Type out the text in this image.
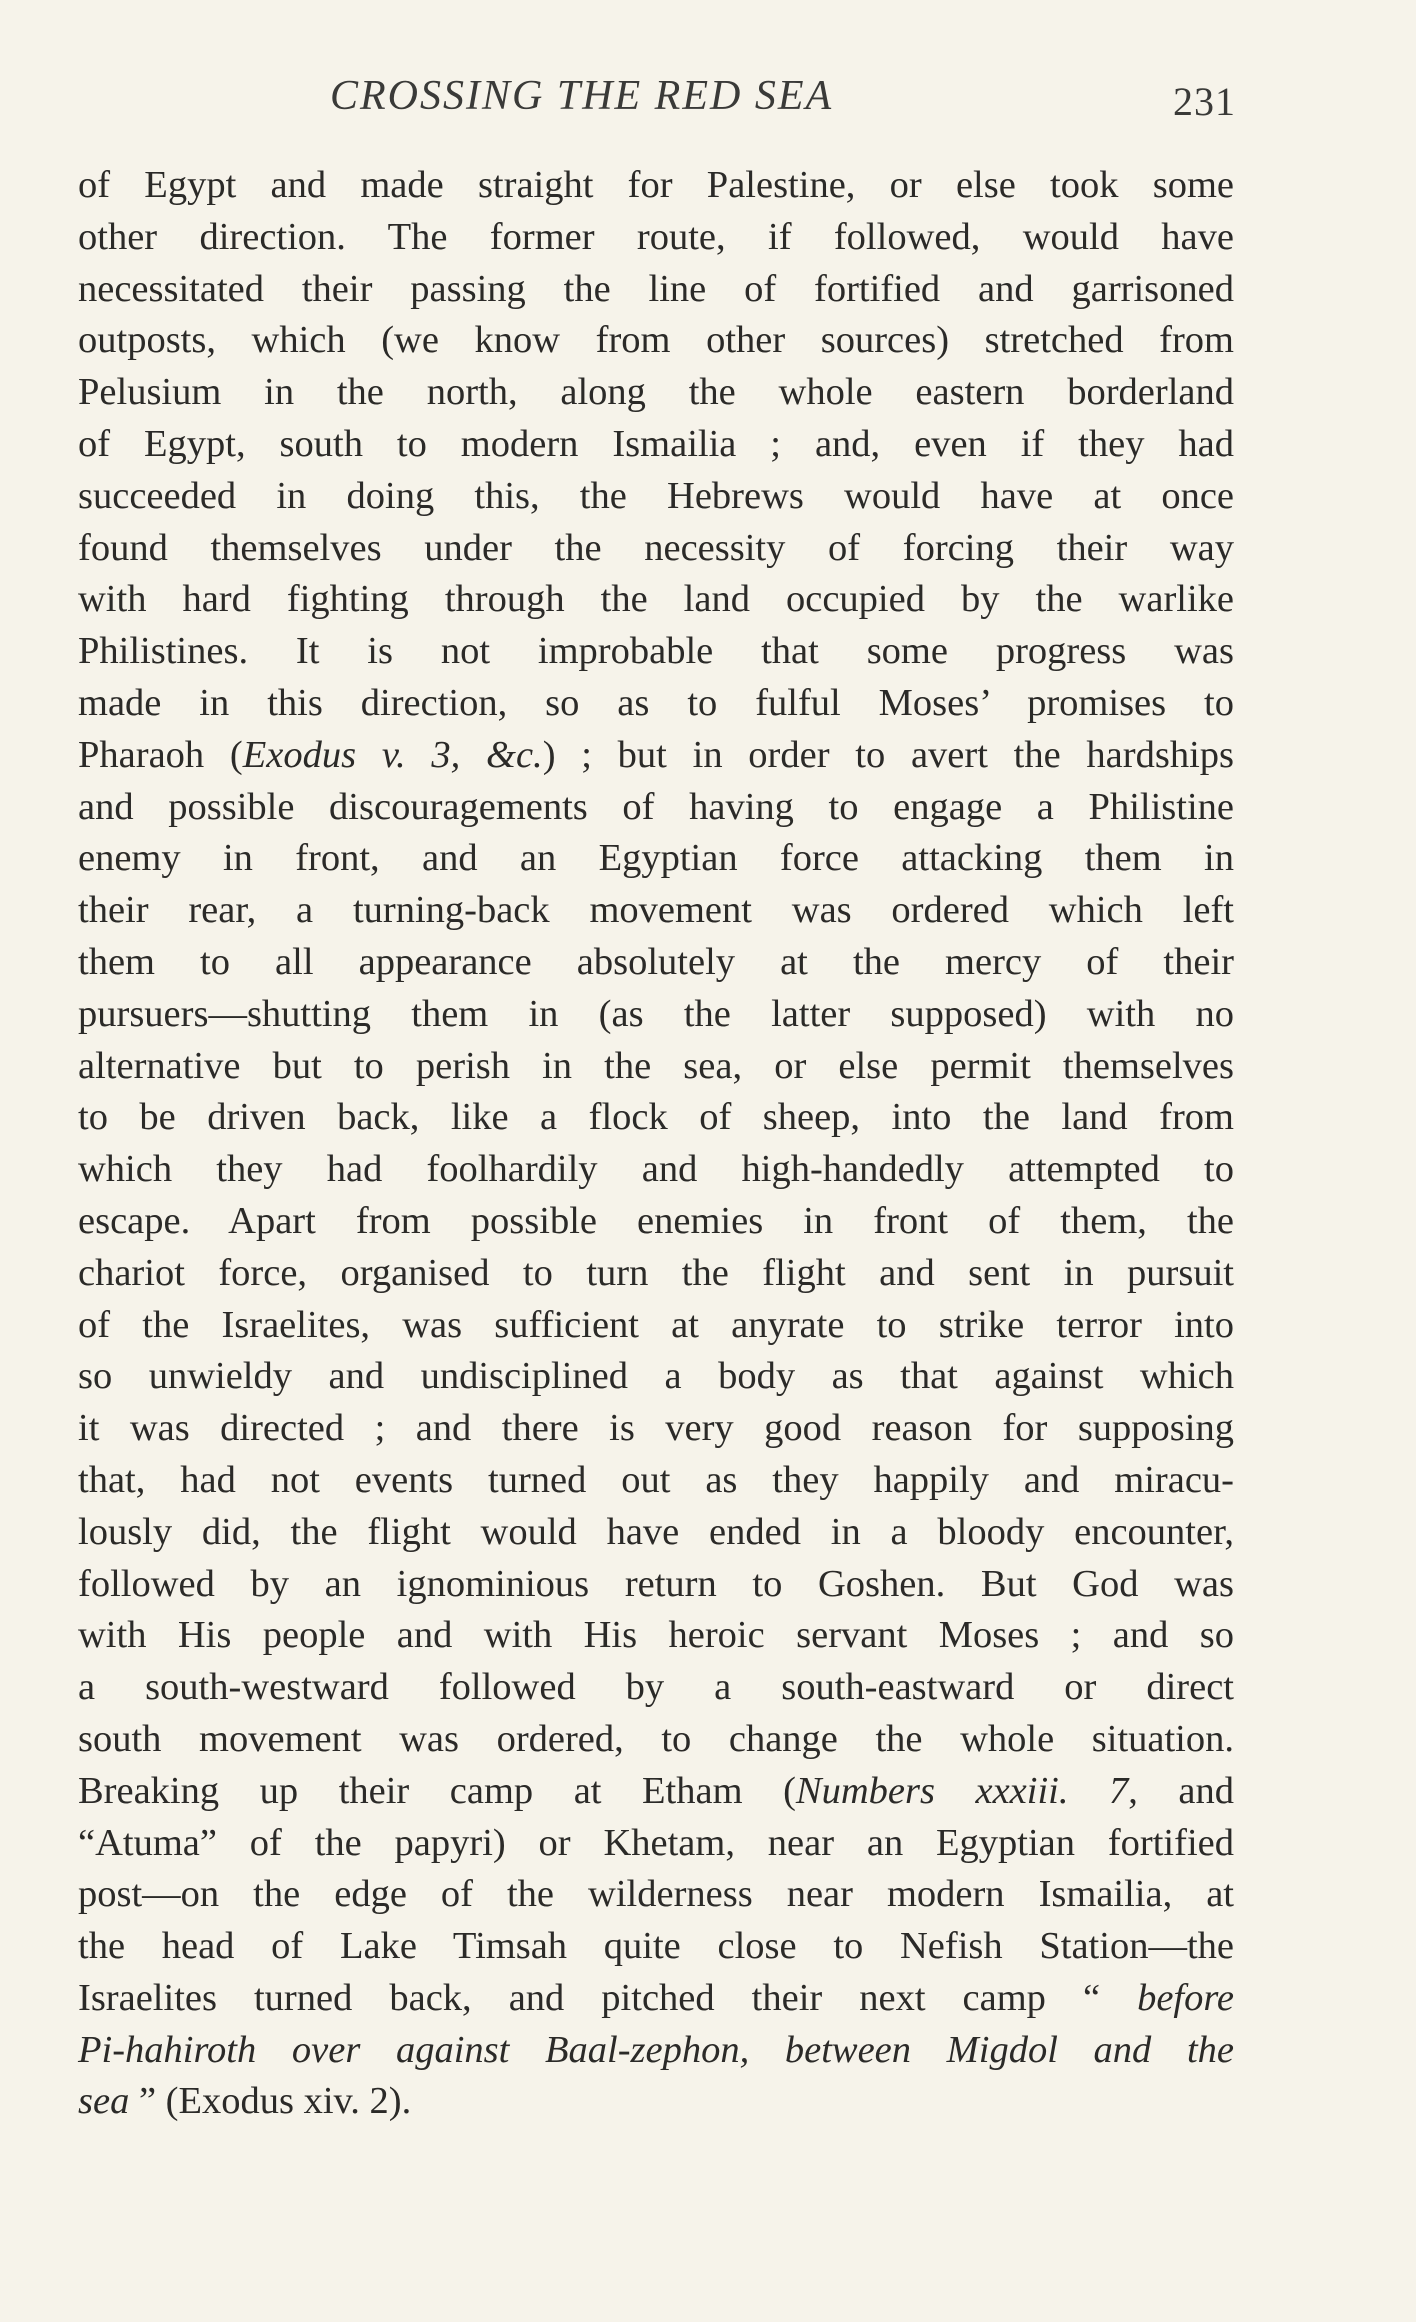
CROSSING THE RED SEA	231
of Egypt and made straight for Palestine, or else took some
other direction. The former route, if followed, would have
necessitated their passing the line of fortified and garrisoned
outposts, which (we know from other sources) stretched from
Pelusium in the north, along the whole eastern borderland
of Egypt, south to modern Ismailia ; and, even if they had
succeeded in doing this, the Hebrews would have at once
found themselves under the necessity of forcing their way
with hard fighting through the land occupied by the warlike
Philistines. It is not improbable that some progress was
made in this direction, so as to fulful Moses’ promises to
Pharaoh (Exodus v. 3, &c.) ; but in order to avert the hardships
and possible discouragements of having to engage a Philistine
enemy in front, and an Egyptian force attacking them in
their rear, a turning-back movement was ordered which left
them to all appearance absolutely at the mercy of their
pursuers—shutting them in (as the latter supposed) with no
alternative but to perish in the sea, or else permit themselves
to be driven back, like a flock of sheep, into the land from
which they had foolhardily and high-handedly attempted to
escape. Apart from possible enemies in front of them, the
chariot force, organised to turn the flight and sent in pursuit
of the Israelites, was sufficient at anyrate to strike terror into
so unwieldy and undisciplined a body as that against which
it was directed ; and there is very good reason for supposing
that, had not events turned out as they happily and miracu-
lously did, the flight would have ended in a bloody encounter,
followed by an ignominious return to Goshen. But God was
with His people and with His heroic servant Moses ; and so
a south-westward followed by a south-eastward or direct
south movement was ordered, to change the whole situation.
Breaking up their camp at Etham (Numbers xxxiii. 7, and
“Atuma” of the papyri) or Khetam, near an Egyptian fortified
post—on the edge of the wilderness near modern Ismailia, at
the head of Lake Timsah quite close to Nefish Station—the
Israelites turned back, and pitched their next camp “ before
Pi-hahiroth over against Baal-zephon, between Migdol and the
sea ” (Exodus xiv. 2).
